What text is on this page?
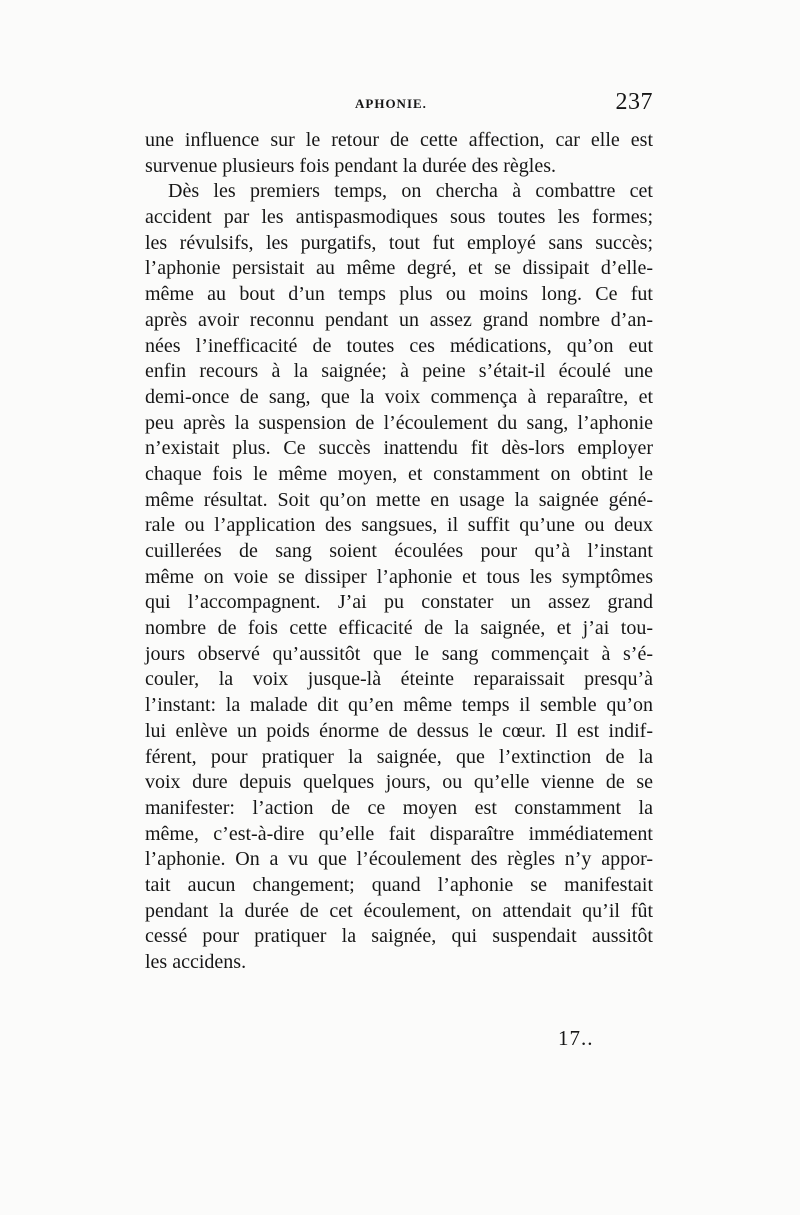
APHONIE.	237
une influence sur le retour de cette affection, car elle est
survenue plusieurs fois pendant la durée des règles.
Dès les premiers temps, on chercha à combattre cet
accident par les antispasmodiques sous toutes les formes;
les révulsifs, les purgatifs, tout fut employé sans succès;
l’aphonie persistait au même degré, et se dissipait d’elle-
même au bout d’un temps plus ou moins long. Ce fut
après avoir reconnu pendant un assez grand nombre d’an-
nées l’inefficacité de toutes ces médications, qu’on eut
enfin recours à la saignée; à peine s’était-il écoulé une
demi-once de sang, que la voix commença à reparaître, et
peu après la suspension de l’écoulement du sang, l’aphonie
n’existait plus. Ce succès inattendu fit dès-lors employer
chaque fois le même moyen, et constamment on obtint le
même résultat. Soit qu’on mette en usage la saignée géné-
rale ou l’application des sangsues, il suffit qu’une ou deux
cuillerées de sang soient écoulées pour qu’à l’instant
même on voie se dissiper l’aphonie et tous les symptômes
qui l’accompagnent. J’ai pu constater un assez grand
nombre de fois cette efficacité de la saignée, et j’ai tou-
jours observé qu’aussitôt que le sang commençait à s’é-
couler, la voix jusque-là éteinte reparaissait presqu’à
l’instant: la malade dit qu’en même temps il semble qu’on
lui enlève un poids énorme de dessus le cœur. Il est indif-
férent, pour pratiquer la saignée, que l’extinction de la
voix dure depuis quelques jours, ou qu’elle vienne de se
manifester: l’action de ce moyen est constamment la
même, c’est-à-dire qu’elle fait disparaître immédiatement
l’aphonie. On a vu que l’écoulement des règles n’y appor-
tait aucun changement; quand l’aphonie se manifestait
pendant la durée de cet écoulement, on attendait qu’il fût
cessé pour pratiquer la saignée, qui suspendait aussitôt
les accidens.
17..
